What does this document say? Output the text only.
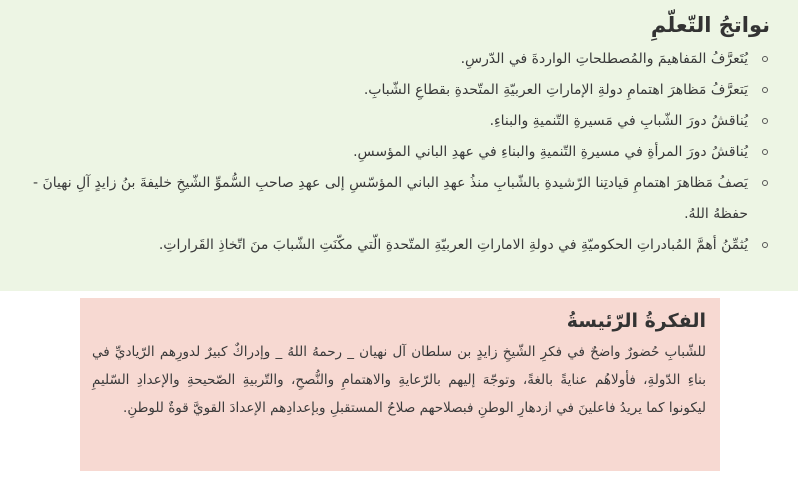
نواتجُ التّعلّمِ
يُتَعرَّفُ المَفاهيمَ والمُصطلحاتِ الواردةَ في الدّرسِ.
يَتعرَّفُ مَظاهرَ اهتمامِ دولةِ الإماراتِ العربيّةِ المتّحدةِ بقطاعِ الشّبابِ.
يُناقشُ دورَ الشّبابِ في مَسيرةِ التّنميةِ والبناءِ.
يُناقشُ دورَ المرأةِ في مسيرةِ التّنميةِ والبناءِ في عهدِ الباني المؤسسِ.
يَصفُ مَظاهرَ اهتمامِ قيادتِنا الرّشيدةِ بالشّبابِ منذُ عهدِ الباني المؤسّسِ إلى عهدِ صاحبِ السُّموِّ الشّيخِ خليفةَ بنُ زايدٍ آلِ نهيانَ - حفظهُ اللهُ.
يُثمِّنُ أهمَّ المُبادراتِ الحكوميّةِ في دولةِ الاماراتِ العربيّةِ المتّحدةِ الّتي مكّنَتِ الشّبابَ منَ اتّخاذِ القَراراتِ.
الفكرةُ الرّئيسةُ

للشّبابِ حُضورٌ واضحٌ في فكرِ الشّيخِ زايدٍ بن سلطان آل نهيان _ رحمهُ اللهُ _ وإدراكٌ كبيرٌ لدورِهم الرّياديِّ في بناءِ الدّولةِ، فأولاهُم عنايةً بالغةً، وتوجّهَ إليهم بالرّعايةِ والاهتمامِ والنُّصحِ، والتّربيةِ الصّحيحةِ والإعدادِ السّليمِ ليكونوا كما يريدُ فاعلينَ في ازدهارِ الوطنِ فبصلاحهم صلاحُ المستقبلِ وبإعدادِهم الإعدادَ القويَّ قوةٌ للوطنِ.
